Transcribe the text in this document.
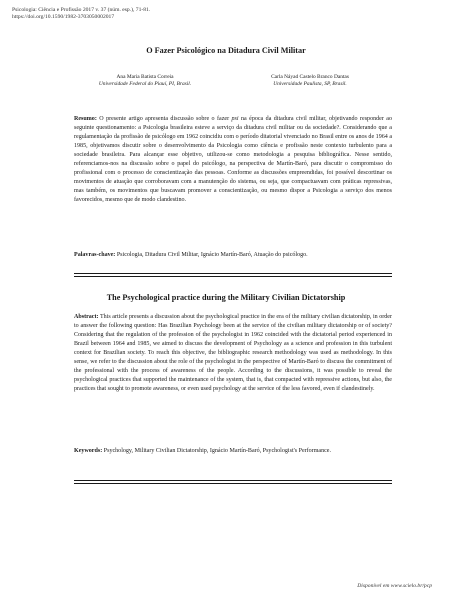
Psicologia: Ciência e Profissão 2017 v. 37 (núm. esp.), 71-81.
https://doi.org/10.1590/1982-3703050002017
O Fazer Psicológico na Ditadura Civil Militar
Ana Maria Batista Correia
Universidade Federal do Piauí, PI, Brasil.
Carla Náyad Castelo Branco Dantas
Universidade Paulista, SP, Brasil.

Resumo: O presente artigo apresenta discussão sobre o fazer psi na época da ditadura civil militar, objetivando responder ao seguinte questionamento: a Psicologia brasileira esteve a serviço da ditadura civil militar ou da sociedade?. Considerando que a regulamentação da profissão de psicólogo em 1962 coincidiu com o período ditatorial vivenciado no Brasil entre os anos de 1964 a 1985, objetivamos discutir sobre o desenvolvimento da Psicologia como ciência e profissão neste contexto turbulento para a sociedade brasileira. Para alcançar esse objetivo, utilizou-se como metodologia a pesquisa bibliográfica. Nesse sentido, referenciamos-nos na discussão sobre o papel do psicólogo, na perspectiva de Martín-Baró, para discutir o compromisso do profissional com o processo de conscientização das pessoas. Conforme as discussões empreendidas, foi possível descortinar os movimentos de atuação que corroboravam com a manutenção do sistema, ou seja, que compactuavam com práticas repressivas, mas também, os movimentos que buscavam promover a conscientização, ou mesmo dispor a Psicologia a serviço dos menos favorecidos, mesmo que de modo clandestino.

Palavras-chave: Psicologia, Ditadura Civil Militar, Ignácio Martín-Baró, Atuação do psicólogo.

The Psychological practice during the Military Civilian Dictatorship

Abstract: This article presents a discussion about the psychological practice in the era of the military civilian dictatorship, in order to answer the following question: Has Brazilian Psychology been at the service of the civilian military dictatorship or of society? Considering that the regulation of the profession of the psychologist in 1962 coincided with the dictatorial period experienced in Brazil between 1964 and 1985, we aimed to discuss the development of Psychology as a science and profession in this turbulent context for Brazilian society. To reach this objective, the bibliographic research methodology was used as methodology. In this sense, we refer to the discussion about the role of the psychologist in the perspective of Martín-Baró to discuss the commitment of the professional with the process of awareness of the people. According to the discussions, it was possible to reveal the psychological practices that supported the maintenance of the system, that is, that compacted with repressive actions, but also, the practices that sought to promote awareness, or even used psychology at the service of the less favored, even if clandestinely.

Keywords: Psychology, Military Civilian Dictatorship, Ignácio Martín-Baró, Psychologist's Performance.

Disponível em www.scielo.br/pcp
